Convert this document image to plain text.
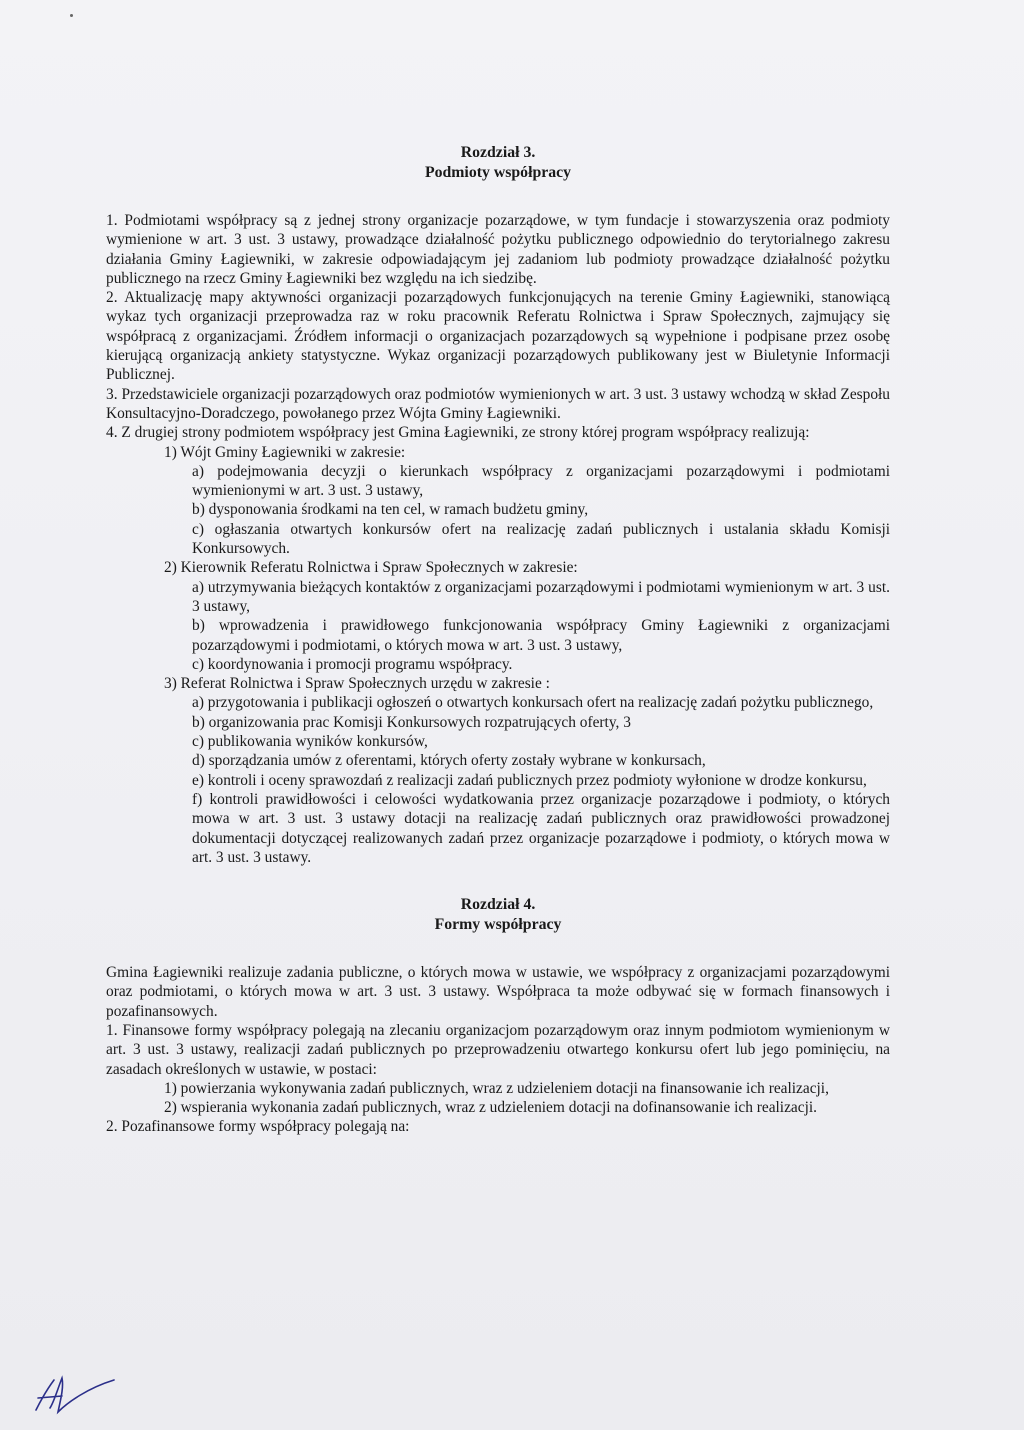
Rozdział 3.

Podmioty współpracy

1. Podmiotami współpracy są z jednej strony organizacje pozarządowe, w tym fundacje i stowarzyszenia oraz podmioty wymienione w art. 3 ust. 3 ustawy, prowadzące działalność pożytku publicznego odpowiednio do terytorialnego zakresu działania Gminy Łagiewniki, w zakresie odpowiadającym jej zadaniom lub podmioty prowadzące działalność pożytku publicznego na rzecz Gminy Łagiewniki bez względu na ich siedzibę.

2. Aktualizację mapy aktywności organizacji pozarządowych funkcjonujących na terenie Gminy Łagiewniki, stanowiącą wykaz tych organizacji przeprowadza raz w roku pracownik Referatu Rolnictwa i Spraw Społecznych, zajmujący się współpracą z organizacjami. Źródłem informacji o organizacjach pozarządowych są wypełnione i podpisane przez osobę kierującą organizacją ankiety statystyczne. Wykaz organizacji pozarządowych publikowany jest w Biuletynie Informacji Publicznej.

3. Przedstawiciele organizacji pozarządowych oraz podmiotów wymienionych w art. 3 ust. 3 ustawy wchodzą w skład Zespołu Konsultacyjno-Doradczego, powołanego przez Wójta Gminy Łagiewniki.

4. Z drugiej strony podmiotem współpracy jest Gmina Łagiewniki, ze strony której program współpracy realizują:

1) Wójt Gminy Łagiewniki w zakresie:

a) podejmowania decyzji o kierunkach współpracy z organizacjami pozarządowymi i podmiotami wymienionymi w art. 3 ust. 3 ustawy,

b) dysponowania środkami na ten cel, w ramach budżetu gminy,

c) ogłaszania otwartych konkursów ofert na realizację zadań publicznych i ustalania składu Komisji Konkursowych.

2) Kierownik Referatu Rolnictwa i Spraw Społecznych w zakresie:

a) utrzymywania bieżących kontaktów z organizacjami pozarządowymi i podmiotami wymienionym w art. 3 ust. 3 ustawy,

b) wprowadzenia i prawidłowego funkcjonowania współpracy Gminy Łagiewniki z organizacjami pozarządowymi i podmiotami, o których mowa w art. 3 ust. 3 ustawy,

c) koordynowania i promocji programu współpracy.

3) Referat Rolnictwa i Spraw Społecznych urzędu w zakresie :

a) przygotowania i publikacji ogłoszeń o otwartych konkursach ofert na realizację zadań pożytku publicznego,

b) organizowania prac Komisji Konkursowych rozpatrujących oferty, 3

c) publikowania wyników konkursów,

d) sporządzania umów z oferentami, których oferty zostały wybrane w konkursach,

e) kontroli i oceny sprawozdań z realizacji zadań publicznych przez podmioty wyłonione w drodze konkursu,

f) kontroli prawidłowości i celowości wydatkowania przez organizacje pozarządowe i podmioty, o których mowa w art. 3 ust. 3 ustawy dotacji na realizację zadań publicznych oraz prawidłowości prowadzonej dokumentacji dotyczącej realizowanych zadań przez organizacje pozarządowe i podmioty, o których mowa w art. 3 ust. 3 ustawy.

Rozdział 4.

Formy współpracy

Gmina Łagiewniki realizuje zadania publiczne, o których mowa w ustawie, we współpracy z organizacjami pozarządowymi oraz podmiotami, o których mowa w art. 3 ust. 3 ustawy. Współpraca ta może odbywać się w formach finansowych i pozafinansowych.

1. Finansowe formy współpracy polegają na zlecaniu organizacjom pozarządowym oraz innym podmiotom wymienionym w art. 3 ust. 3 ustawy, realizacji zadań publicznych po przeprowadzeniu otwartego konkursu ofert lub jego pominięciu, na zasadach określonych w ustawie, w postaci:

1) powierzania wykonywania zadań publicznych, wraz z udzieleniem dotacji na finansowanie ich realizacji,

2) wspierania wykonania zadań publicznych, wraz z udzieleniem dotacji na dofinansowanie ich realizacji.

2. Pozafinansowe formy współpracy polegają na:
